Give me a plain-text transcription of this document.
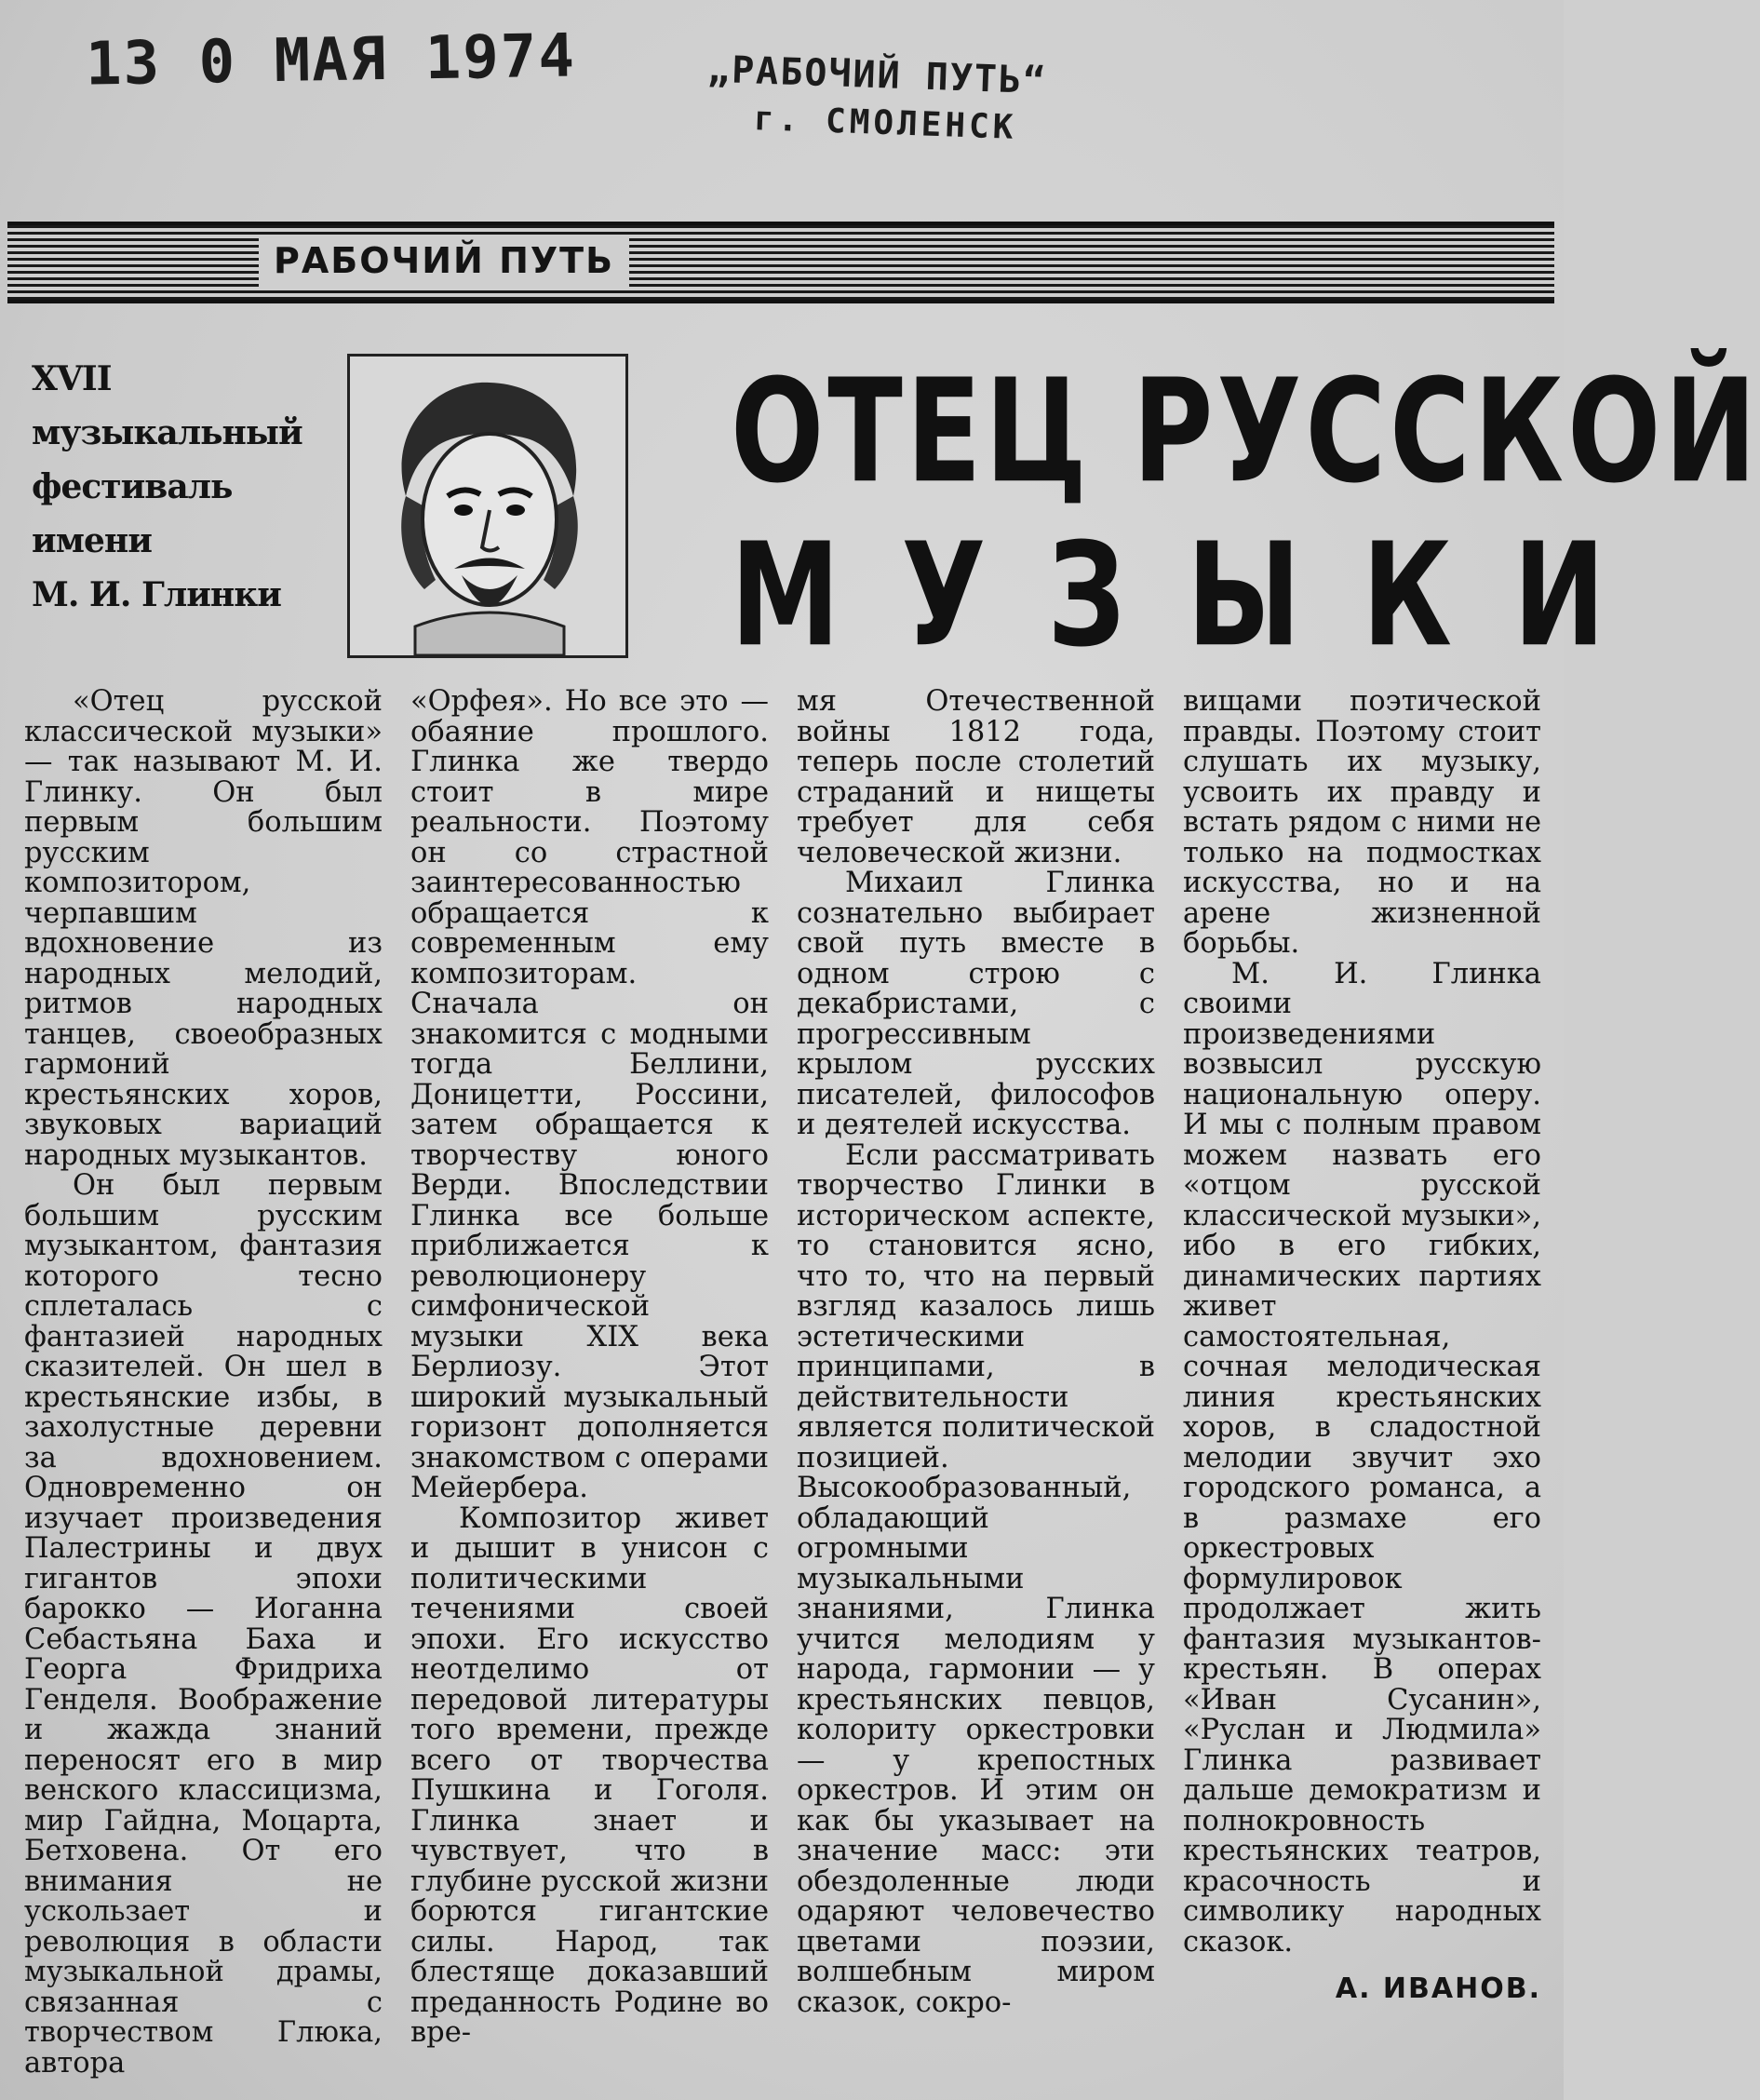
13 0 МАЯ 1974	„РАБОЧИЙ ПУТЬ“
г. СМОЛЕНСК
РАБОЧИЙ ПУТЬ
XVII
музыкальный
фестиваль
имени
М. И. Глинки
ОТЕЦ РУССКОЙ
МУЗЫКИ

«Отец русской классической музыки» — так называют М. И. Глинку. Он был первым большим русским композитором, черпавшим вдохновение из народных мелодий, ритмов народных танцев, своеобразных гармоний крестьянских хоров, звуковых вариаций народных музыкантов.

Он был первым большим русским музыкантом, фантазия которого тесно сплеталась с фантазией народных сказителей. Он шел в крестьянские избы, в захолустные деревни за вдохновением. Одновременно он изучает произведения Палестрины и двух гигантов эпохи барокко — Иоганна Себастьяна Баха и Георга Фридриха Генделя. Воображение и жажда знаний переносят его в мир венского классицизма, мир Гайдна, Моцарта, Бетховена. От его внимания не ускользает и революция в области музыкальной драмы, связанная с творчеством Глюка, автора

«Орфея». Но все это — обаяние прошлого. Глинка же твердо стоит в мире реальности. Поэтому он со страстной заинтересованностью обращается к современным ему композиторам. Сначала он знакомится с модными тогда Беллини, Доницетти, Россини, затем обращается к творчеству юного Верди. Впоследствии Глинка все больше приближается к революционеру симфонической музыки XIX века Берлиозу. Этот широкий музыкальный горизонт дополняется знакомством с операми Мейербера.

Композитор живет и дышит в унисон с политическими течениями своей эпохи. Его искусство неотделимо от передовой литературы того времени, прежде всего от творчества Пушкина и Гоголя. Глинка знает и чувствует, что в глубине русской жизни борются гигантские силы. Народ, так блестяще доказавший преданность Родине во вре-

мя Отечественной войны 1812 года, теперь после столетий страданий и нищеты требует для себя человеческой жизни.

Михаил Глинка сознательно выбирает свой путь вместе в одном строю с декабристами, с прогрессивным крылом русских писателей, философов и деятелей искусства.

Если рассматривать творчество Глинки в историческом аспекте, то становится ясно, что то, что на первый взгляд казалось лишь эстетическими принципами, в действительности является политической позицией. Высокообразованный, обладающий огромными музыкальными знаниями, Глинка учится мелодиям у народа, гармонии — у крестьянских певцов, колориту оркестровки — у крепостных оркестров. И этим он как бы указывает на значение масс: эти обездоленные люди одаряют человечество цветами поэзии, волшебным миром сказок, сокро-

вищами поэтической правды. Поэтому стоит слушать их музыку, усвоить их правду и встать рядом с ними не только на подмостках искусства, но и на арене жизненной борьбы.

М. И. Глинка своими произведениями возвысил русскую национальную оперу. И мы с полным правом можем назвать его «отцом русской классической музыки», ибо в его гибких, динамических партиях живет самостоятельная, сочная мелодическая линия крестьянских хоров, в сладостной мелодии звучит эхо городского романса, а в размахе его оркестровых формулировок продолжает жить фантазия музыкантов-крестьян. В операх «Иван Сусанин», «Руслан и Людмила» Глинка развивает дальше демократизм и полнокровность крестьянских театров, красочность и символику народных сказок.

А. ИВАНОВ.
